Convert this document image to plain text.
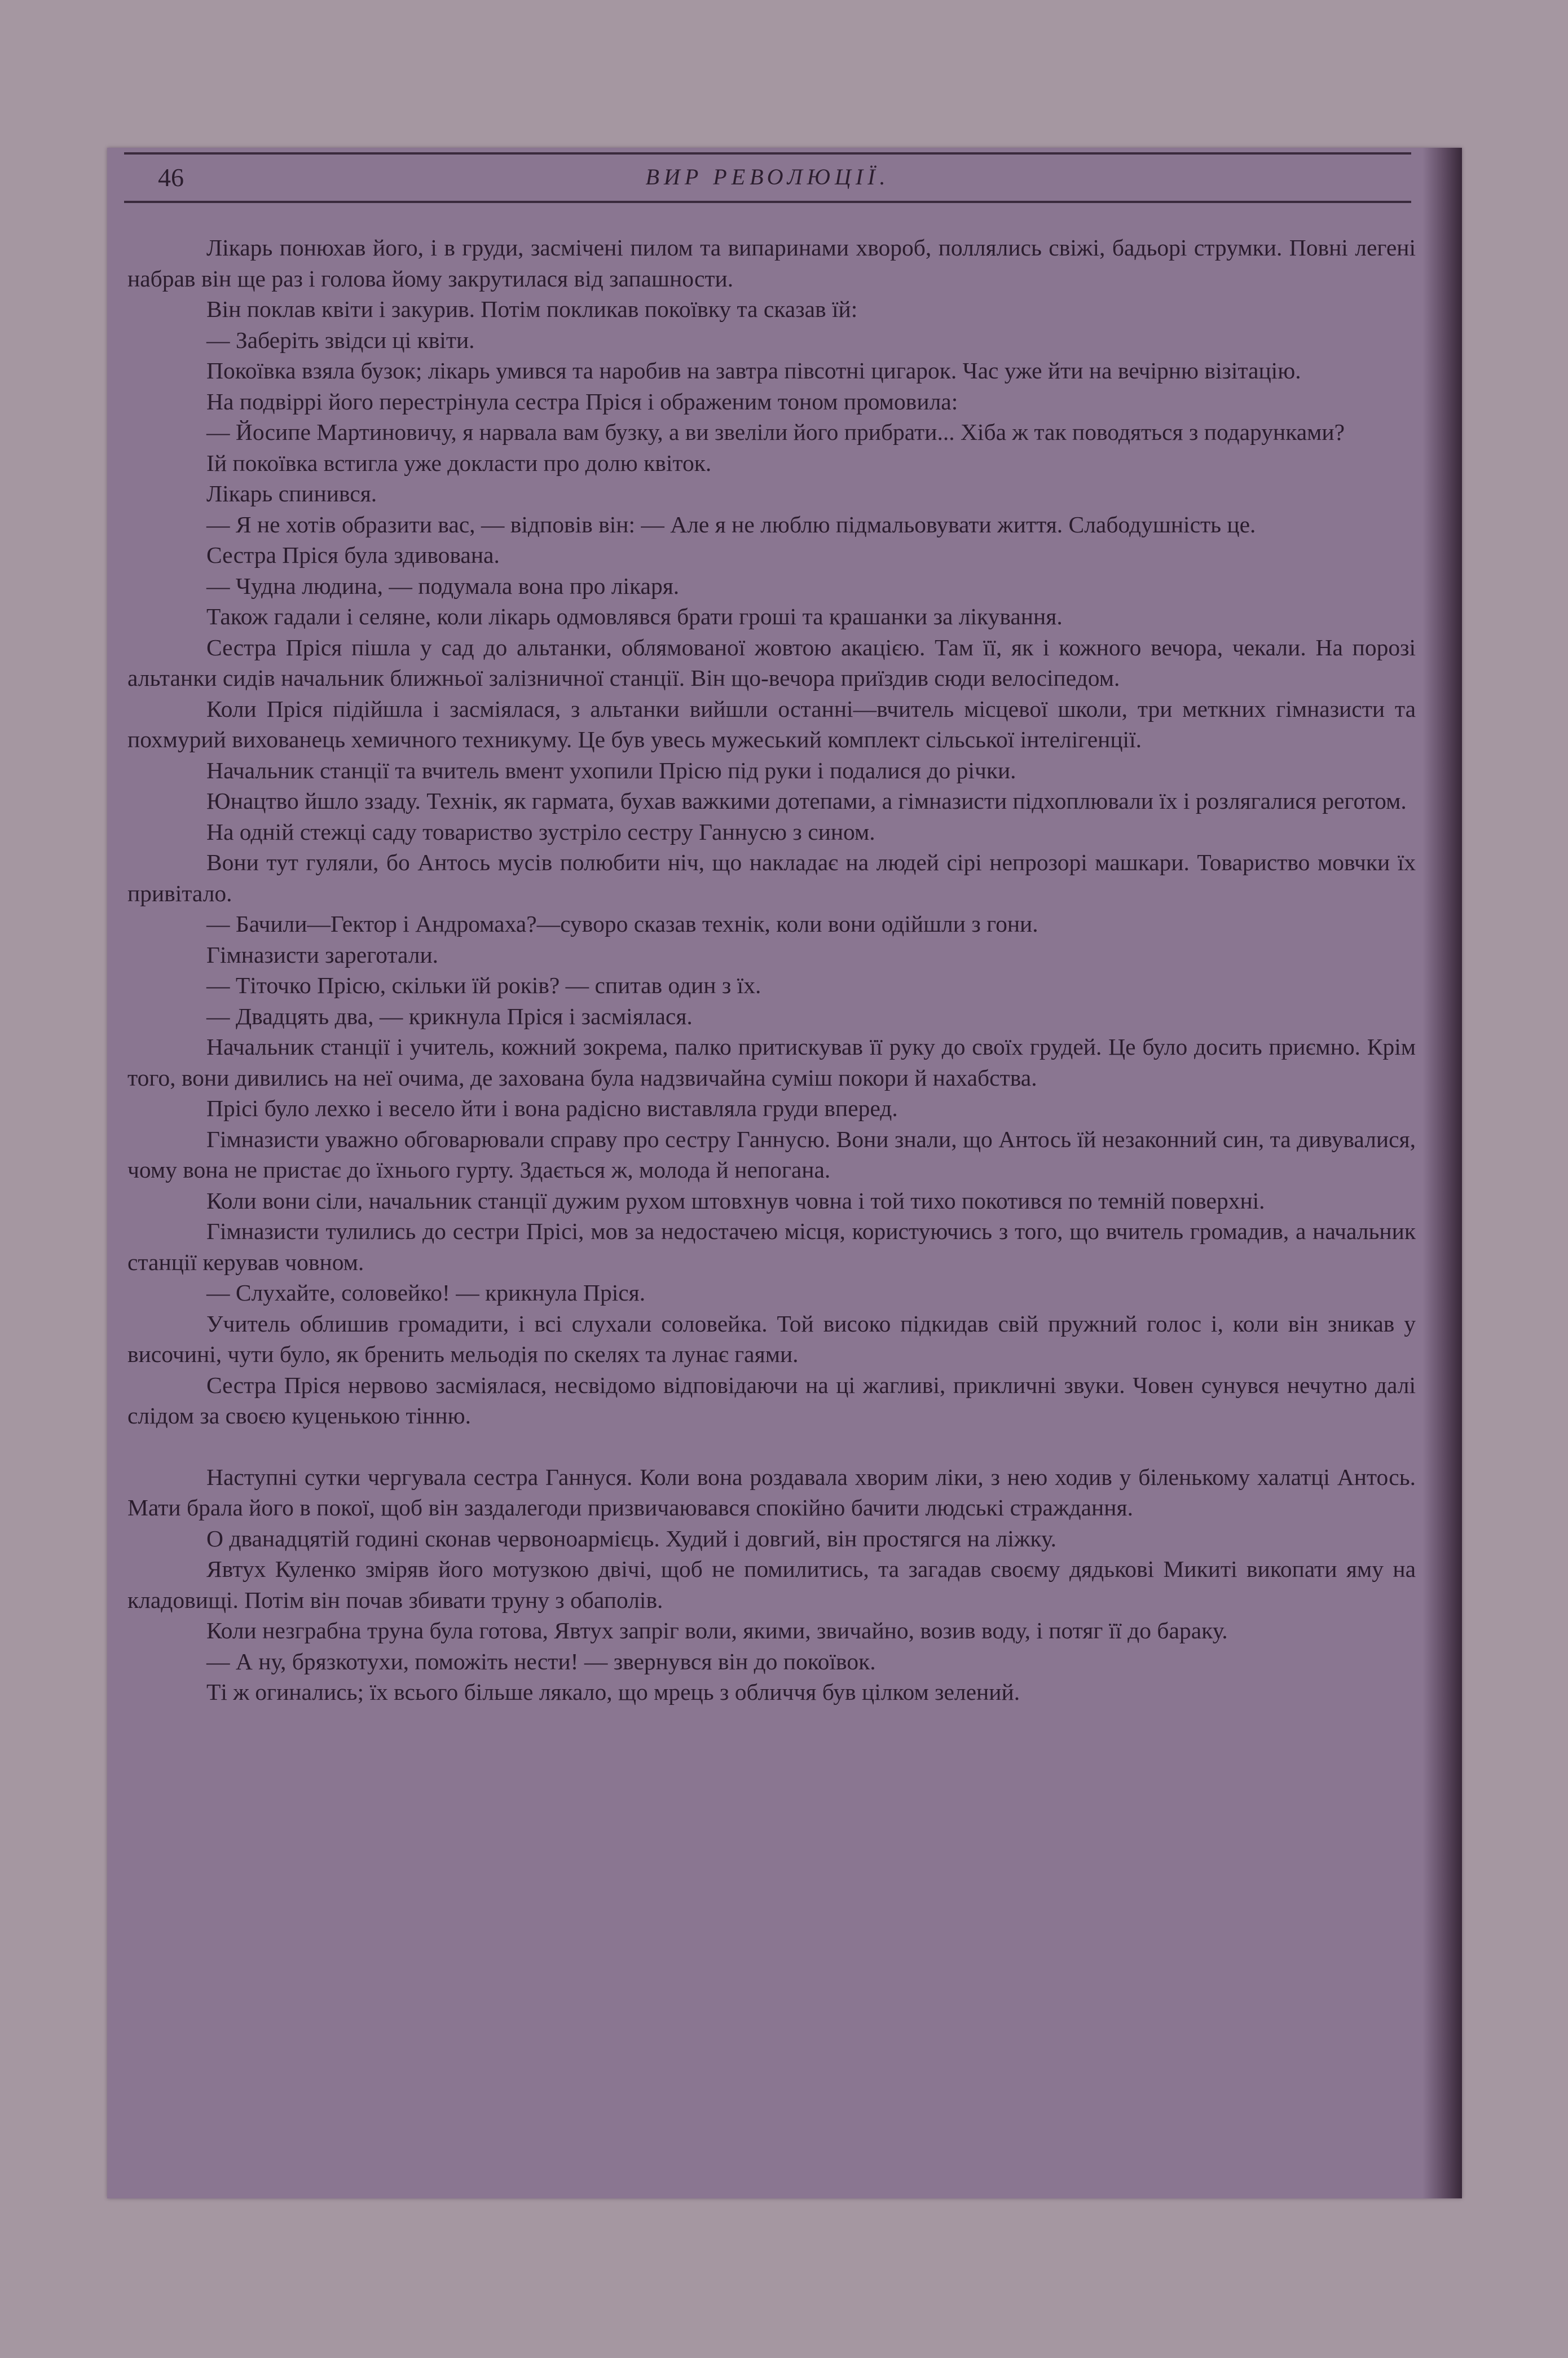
46	ВИР РЕВОЛЮЦІЇ.

Лікарь понюхав його, і в груди, засмічені пилом та випаринами хвороб, поллялись свіжі, бадьорі струмки. Повні легені набрав він ще раз і голова йому закрутилася від запашности.

Він поклав квіти і закурив. Потім покликав покоївку та сказав їй:

— Заберіть звідси ці квіти.

Покоївка взяла бузок; лікарь умився та наробив на завтра півсотні цигарок. Час уже йти на вечірню візітацію.

На подвіррі його перестрінула сестра Пріся і ображеним тоном промовила:

— Йосипе Мартиновичу, я нарвала вам бузку, а ви звеліли його прибрати... Хіба ж так поводяться з подарунками?

Ій покоївка встигла уже докласти про долю квіток.

Лікарь спинився.

— Я не хотів образити вас, — відповів він: — Але я не люблю підмальовувати життя. Слабодушність це.

Сестра Пріся була здивована.

— Чудна людина, — подумала вона про лікаря.

Також гадали і селяне, коли лікарь одмовлявся брати гроші та крашанки за лікування.

Сестра Пріся пішла у сад до альтанки, облямованої жовтою акацією. Там її, як і кожного вечора, чекали. На порозі альтанки сидів начальник ближньої залізничної станції. Він що-вечора приїздив сюди велосіпедом.

Коли Пріся підійшла і засміялася, з альтанки вийшли останні—вчитель місцевої школи, три меткних гімназисти та похмурий вихованець хемичного техникуму. Це був увесь мужеський комплект сільської інтелігенції.

Начальник станції та вчитель вмент ухопили Прісю під руки і подалися до річки.

Юнацтво йшло ззаду. Технік, як гармата, бухав важкими дотепами, а гімназисти підхоплювали їх і розлягалися реготом.

На одній стежці саду товариство зустріло сестру Ганнусю з сином.

Вони тут гуляли, бо Антось мусів полюбити ніч, що накладає на людей сірі непрозорі машкари. Товариство мовчки їх привітало.

— Бачили—Гектор і Андромаха?—суворо сказав технік, коли вони одійшли з гони.

Гімназисти зареготали.

— Тіточко Прісю, скільки їй років? — спитав один з їх.

— Двадцять два, — крикнула Пріся і засміялася.

Начальник станції і учитель, кожний зокрема, палко притискував її руку до своїх грудей. Це було досить приємно. Крім того, вони дивились на неї очима, де захована була надзвичайна суміш покори й нахабства.

Прісі було лехко і весело йти і вона радісно виставляла груди вперед.

Гімназисти уважно обговарювали справу про сестру Ганнусю. Вони знали, що Антось їй незаконний син, та дивувалися, чому вона не пристає до їхнього гурту. Здається ж, молода й непогана.

Коли вони сіли, начальник станції дужим рухом штовхнув човна і той тихо покотився по темній поверхні.

Гімназисти тулились до сестри Прісі, мов за недостачею місця, користуючись з того, що вчитель громадив, а начальник станції керував човном.

— Слухайте, соловейко! — крикнула Пріся.

Учитель облишив громадити, і всі слухали соловейка. Той високо підкидав свій пружний голос і, коли він зникав у височині, чути було, як бренить мельодія по скелях та лунає гаями.

Сестра Пріся нервово засміялася, несвідомо відповідаючи на ці жагливі, прикличні звуки. Човен сунувся нечутно далі слідом за своєю куценькою тінню.

Наступні сутки чергувала сестра Ганнуся. Коли вона роздавала хворим ліки, з нею ходив у біленькому халатці Антось. Мати брала його в покої, щоб він заздалегоди призвичаювався спокійно бачити людські страждання.

О дванадцятій годині сконав червоноармієць. Худий і довгий, він простягся на ліжку.

Явтух Куленко зміряв його мотузкою двічі, щоб не помилитись, та загадав своєму дядькові Микиті викопати яму на кладовищі. Потім він почав збивати труну з обаполів.

Коли незграбна труна була готова, Явтух запріг воли, якими, звичайно, возив воду, і потяг її до бараку.

— А ну, брязкотухи, поможіть нести! — звернувся він до покоївок.

Ті ж огинались; їх всього більше лякало, що мрець з обличчя був цілком зелений.
